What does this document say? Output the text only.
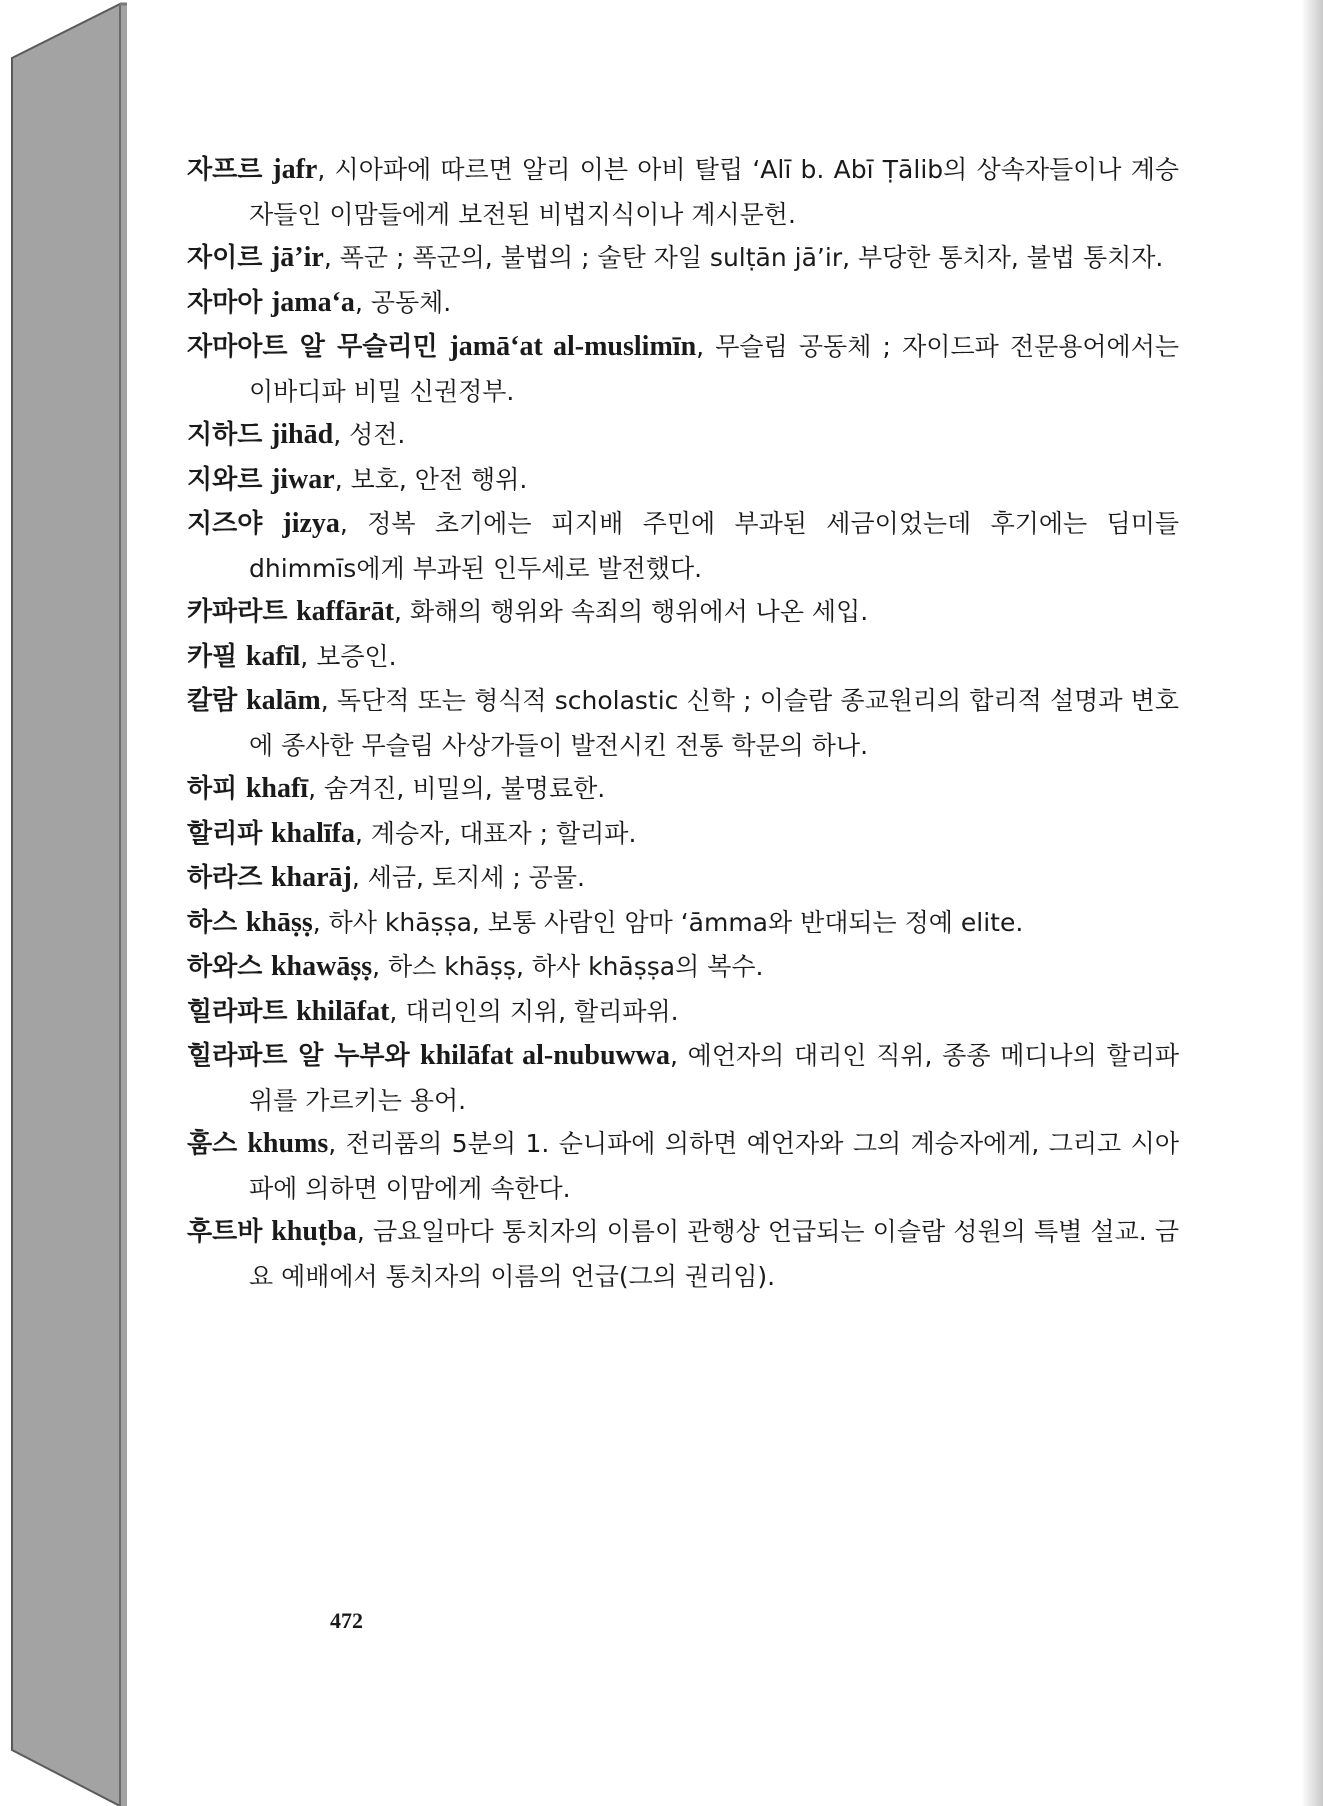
자프르 jafr, 시아파에 따르면 알리 이븐 아비 탈립 ‘Alī b. Abī Ṭālib의 상속자들이나 계승자들인 이맘들에게 보전된 비법지식이나 계시문헌.

자이르 jā’ir, 폭군 ; 폭군의, 불법의 ; 술탄 자일 sulṭān jā’ir, 부당한 통치자, 불법 통치자.

자마아 jama‘a, 공동체.

자마아트 알 무슬리민 jamā‘at al-muslimīn, 무슬림 공동체 ; 자이드파 전문용어에서는 이바디파 비밀 신권정부.

지하드 jihād, 성전.

지와르 jiwar, 보호, 안전 행위.

지즈야 jizya, 정복 초기에는 피지배 주민에 부과된 세금이었는데 후기에는 딤미들 dhimmīs에게 부과된 인두세로 발전했다.

카파라트 kaffārāt, 화해의 행위와 속죄의 행위에서 나온 세입.

카필 kafīl, 보증인.

칼람 kalām, 독단적 또는 형식적 scholastic 신학 ; 이슬람 종교원리의 합리적 설명과 변호에 종사한 무슬림 사상가들이 발전시킨 전통 학문의 하나.

하피 khafī, 숨겨진, 비밀의, 불명료한.

할리파 khalīfa, 계승자, 대표자 ; 할리파.

하라즈 kharāj, 세금, 토지세 ; 공물.

하스 khāṣṣ, 하사 khāṣṣa, 보통 사람인 암마 ‘āmma와 반대되는 정예 elite.

하와스 khawāṣṣ, 하스 khāṣṣ, 하사 khāṣṣa의 복수.

힐라파트 khilāfat, 대리인의 지위, 할리파위.

힐라파트 알 누부와 khilāfat al-nubuwwa, 예언자의 대리인 직위, 종종 메디나의 할리파위를 가르키는 용어.

훔스 khums, 전리품의 5분의 1. 순니파에 의하면 예언자와 그의 계승자에게, 그리고 시아파에 의하면 이맘에게 속한다.

후트바 khuṭba, 금요일마다 통치자의 이름이 관행상 언급되는 이슬람 성원의 특별 설교. 금요 예배에서 통치자의 이름의 언급(그의 권리임).

472
